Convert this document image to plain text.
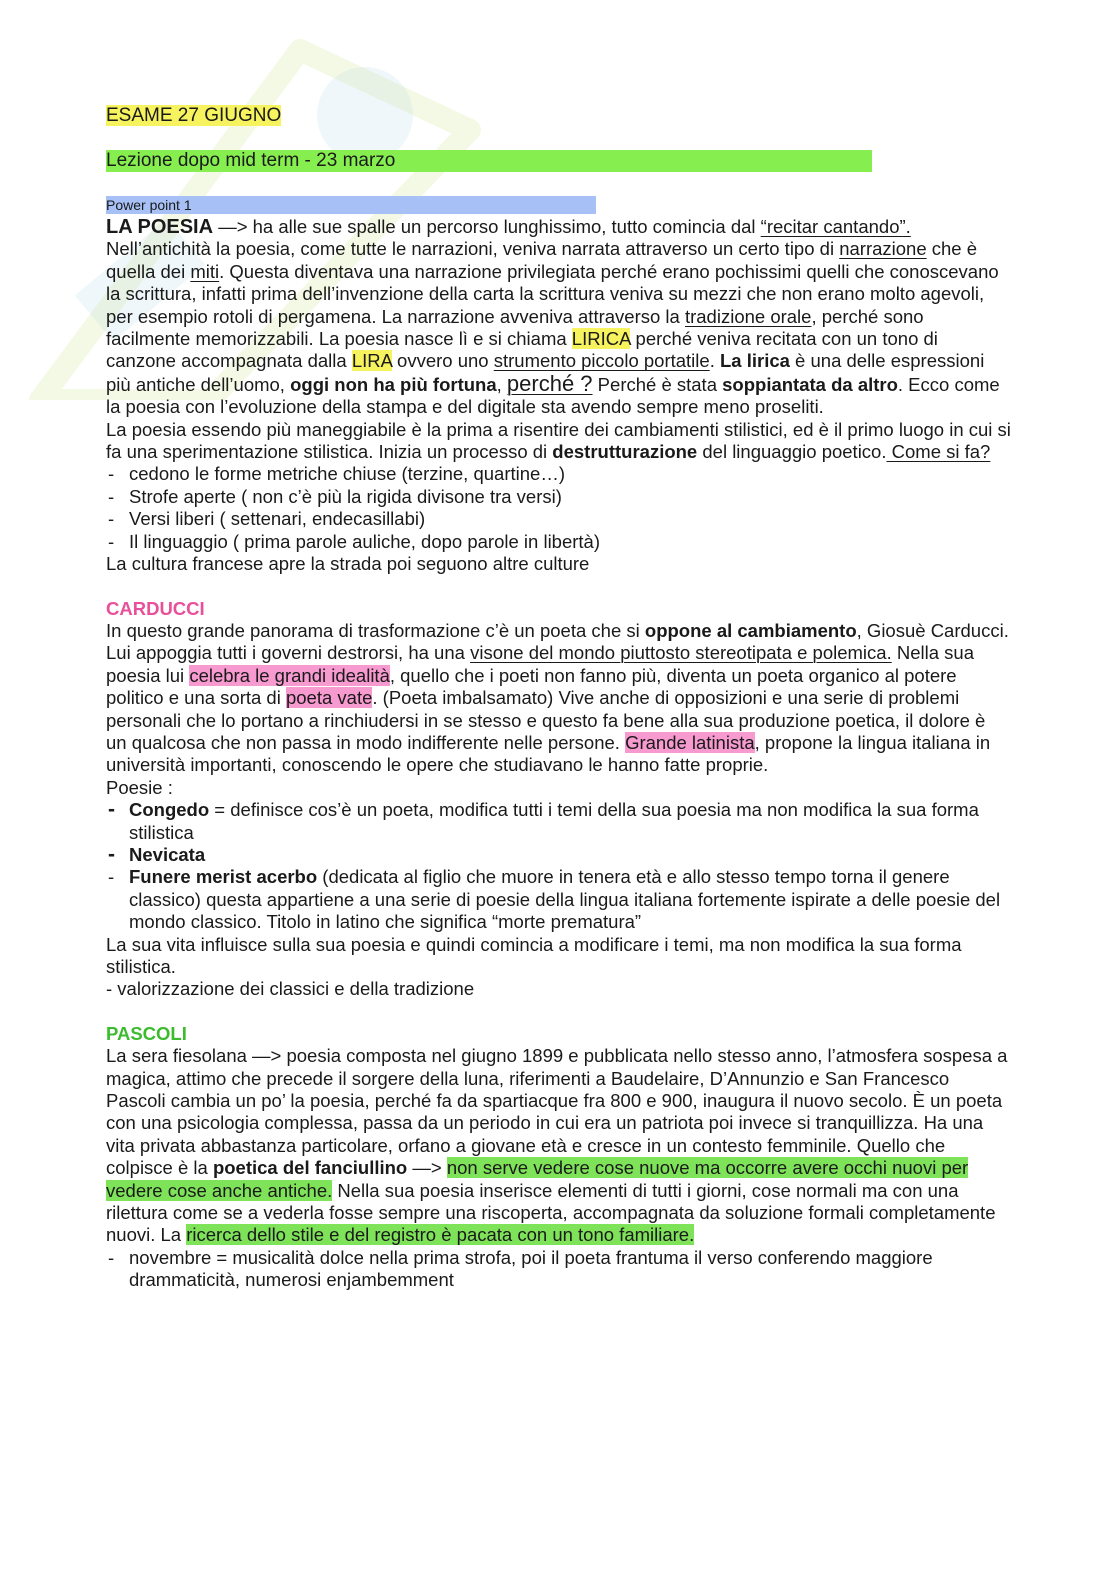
ESAME 27 GIUGNO

Lezione dopo mid term - 23 marzo
Power point 1

LA POESIA —> ha alle sue spalle un percorso lunghissimo, tutto comincia dal “recitar cantando”. Nell’antichità la poesia, come tutte le narrazioni, veniva narrata attraverso un certo tipo di narrazione che è quella dei miti. Questa diventava una narrazione privilegiata perché erano pochissimi quelli che conoscevano la scrittura, infatti prima dell’invenzione della carta la scrittura veniva su mezzi che non erano molto agevoli, per esempio rotoli di pergamena. La narrazione avveniva attraverso la tradizione orale, perché sono facilmente memorizzabili. La poesia nasce lì e si chiama LIRICA perché veniva recitata con un tono di canzone accompagnata dalla LIRA ovvero uno strumento piccolo portatile. La lirica è una delle espressioni più antiche dell’uomo, oggi non ha più fortuna, perché ? Perché è stata soppiantata da altro. Ecco come la poesia con l’evoluzione della stampa e del digitale sta avendo sempre meno proseliti.

La poesia essendo più maneggiabile è la prima a risentire dei cambiamenti stilistici, ed è il primo luogo in cui si fa una sperimentazione stilistica. Inizia un processo di destrutturazione del linguaggio poetico. Come si fa?

- cedono le forme metriche chiuse (terzine, quartine…)
- Strofe aperte ( non c’è più la rigida divisone tra versi)
- Versi liberi ( settenari, endecasillabi)
- Il linguaggio ( prima parole auliche, dopo parole in libertà)

La cultura francese apre la strada poi seguono altre culture

CARDUCCI

In questo grande panorama di trasformazione c’è un poeta che si oppone al cambiamento, Giosuè Carducci. Lui appoggia tutti i governi destrorsi, ha una visone del mondo piuttosto stereotipata e polemica. Nella sua poesia lui celebra le grandi idealità, quello che i poeti non fanno più, diventa un poeta organico al potere politico e una sorta di poeta vate. (Poeta imbalsamato) Vive anche di opposizioni e una serie di problemi personali che lo portano a rinchiudersi in se stesso e questo fa bene alla sua produzione poetica, il dolore è un qualcosa che non passa in modo indifferente nelle persone. Grande latinista, propone la lingua italiana in università importanti, conoscendo le opere che studiavano le hanno fatte proprie.

Poesie :

- Congedo = definisce cos’è un poeta, modifica tutti i temi della sua poesia ma non modifica la sua forma stilistica
- Nevicata
- Funere merist acerbo (dedicata al figlio che muore in tenera età e allo stesso tempo torna il genere classico) questa appartiene a una serie di poesie della lingua italiana fortemente ispirate a delle poesie del mondo classico. Titolo in latino che significa “morte prematura”

La sua vita influisce sulla sua poesia e quindi comincia a modificare i temi, ma non modifica la sua forma stilistica.

- valorizzazione dei classici e della tradizione

PASCOLI

La sera fiesolana —> poesia composta nel giugno 1899 e pubblicata nello stesso anno, l’atmosfera sospesa a magica, attimo che precede il sorgere della luna, riferimenti a Baudelaire, D’Annunzio e San Francesco

Pascoli cambia un po’ la poesia, perché fa da spartiacque fra 800 e 900, inaugura il nuovo secolo. È un poeta con una psicologia complessa, passa da un periodo in cui era un patriota poi invece si tranquillizza. Ha una vita privata abbastanza particolare, orfano a giovane età e cresce in un contesto femminile. Quello che colpisce è la poetica del fanciullino —> non serve vedere cose nuove ma occorre avere occhi nuovi per vedere cose anche antiche. Nella sua poesia inserisce elementi di tutti i giorni, cose normali ma con una rilettura come se a vederla fosse sempre una riscoperta, accompagnata da soluzione formali completamente nuovi. La ricerca dello stile e del registro è pacata con un tono familiare.

- novembre = musicalità dolce nella prima strofa, poi il poeta frantuma il verso conferendo maggiore drammaticità, numerosi enjambemment
